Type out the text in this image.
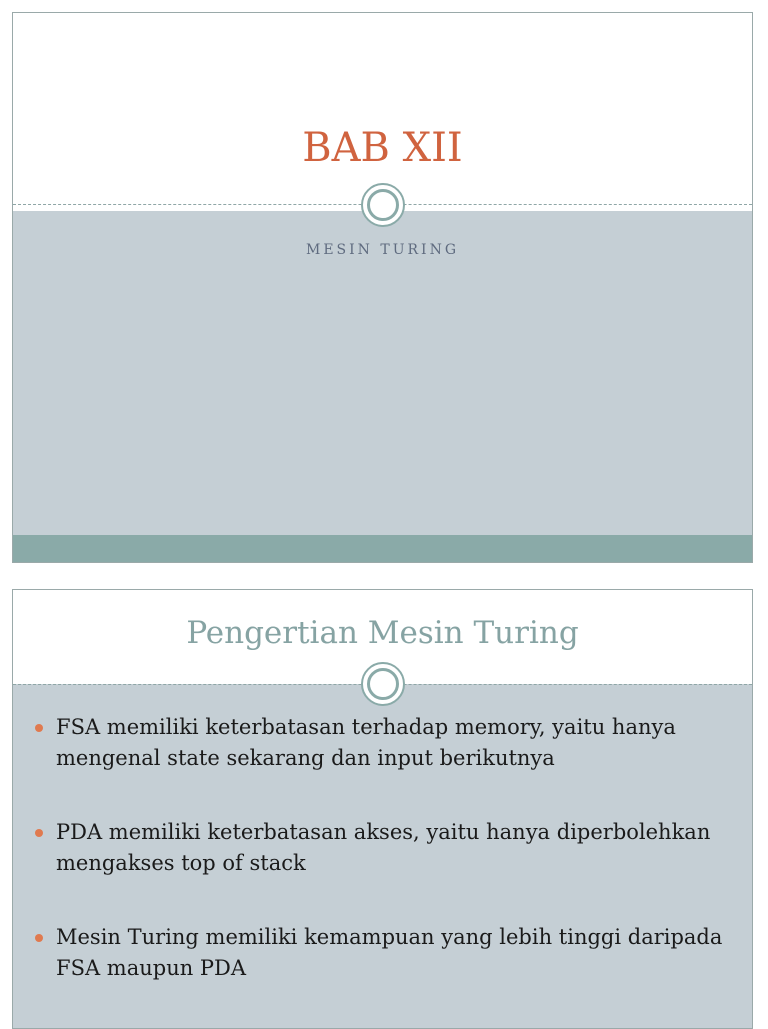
BAB XII

MESIN TURING

Pengertian Mesin Turing
FSA memiliki keterbatasan terhadap memory, yaitu hanya mengenal state sekarang dan input berikutnya
PDA memiliki keterbatasan akses, yaitu hanya diperbolehkan mengakses top of stack
Mesin Turing memiliki kemampuan yang lebih tinggi daripada FSA maupun PDA
